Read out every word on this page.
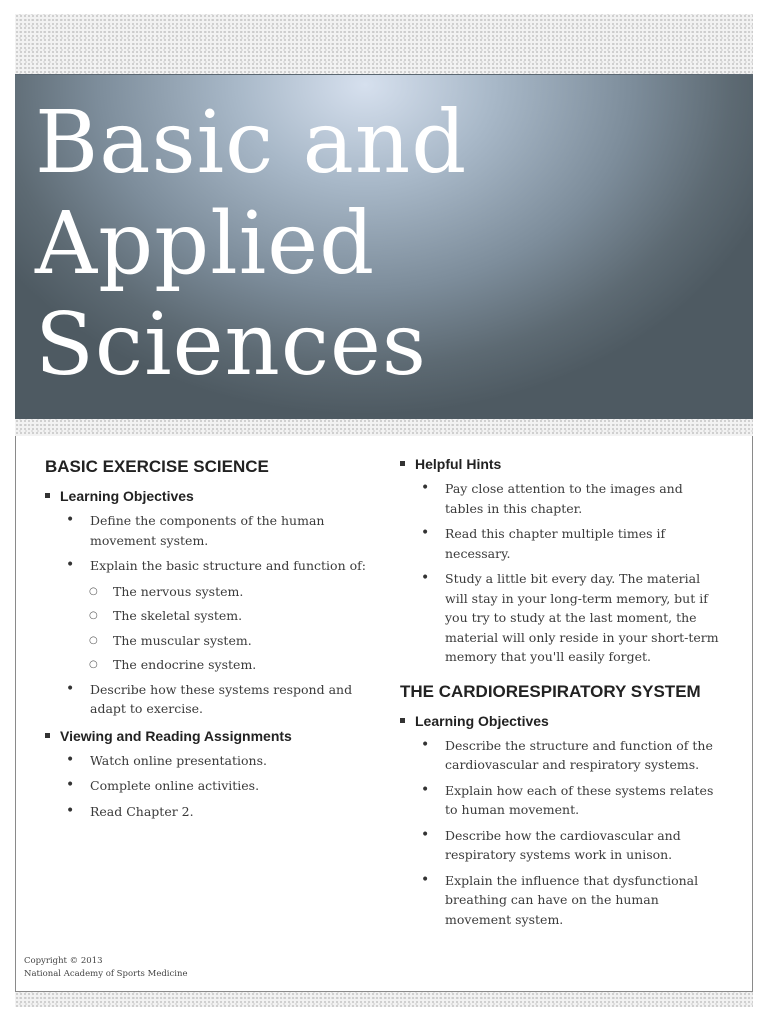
Basic and
Applied
Sciences
BASIC EXERCISE SCIENCE
Learning Objectives
• Define the components of the human movement system.
• Explain the basic structure and function of:
○ The nervous system.
○ The skeletal system.
○ The muscular system.
○ The endocrine system.
• Describe how these systems respond and adapt to exercise.
Viewing and Reading Assignments
• Watch online presentations.
• Complete online activities.
• Read Chapter 2.
Helpful Hints
• Pay close attention to the images and tables in this chapter.
• Read this chapter multiple times if necessary.
• Study a little bit every day. The material will stay in your long-term memory, but if you try to study at the last moment, the material will only reside in your short-term memory that you'll easily forget.
THE CARDIORESPIRATORY SYSTEM
Learning Objectives
• Describe the structure and function of the cardiovascular and respiratory systems.
• Explain how each of these systems relates to human movement.
• Describe how the cardiovascular and respiratory systems work in unison.
• Explain the influence that dysfunctional breathing can have on the human movement system.
Copyright © 2013
National Academy of Sports Medicine
